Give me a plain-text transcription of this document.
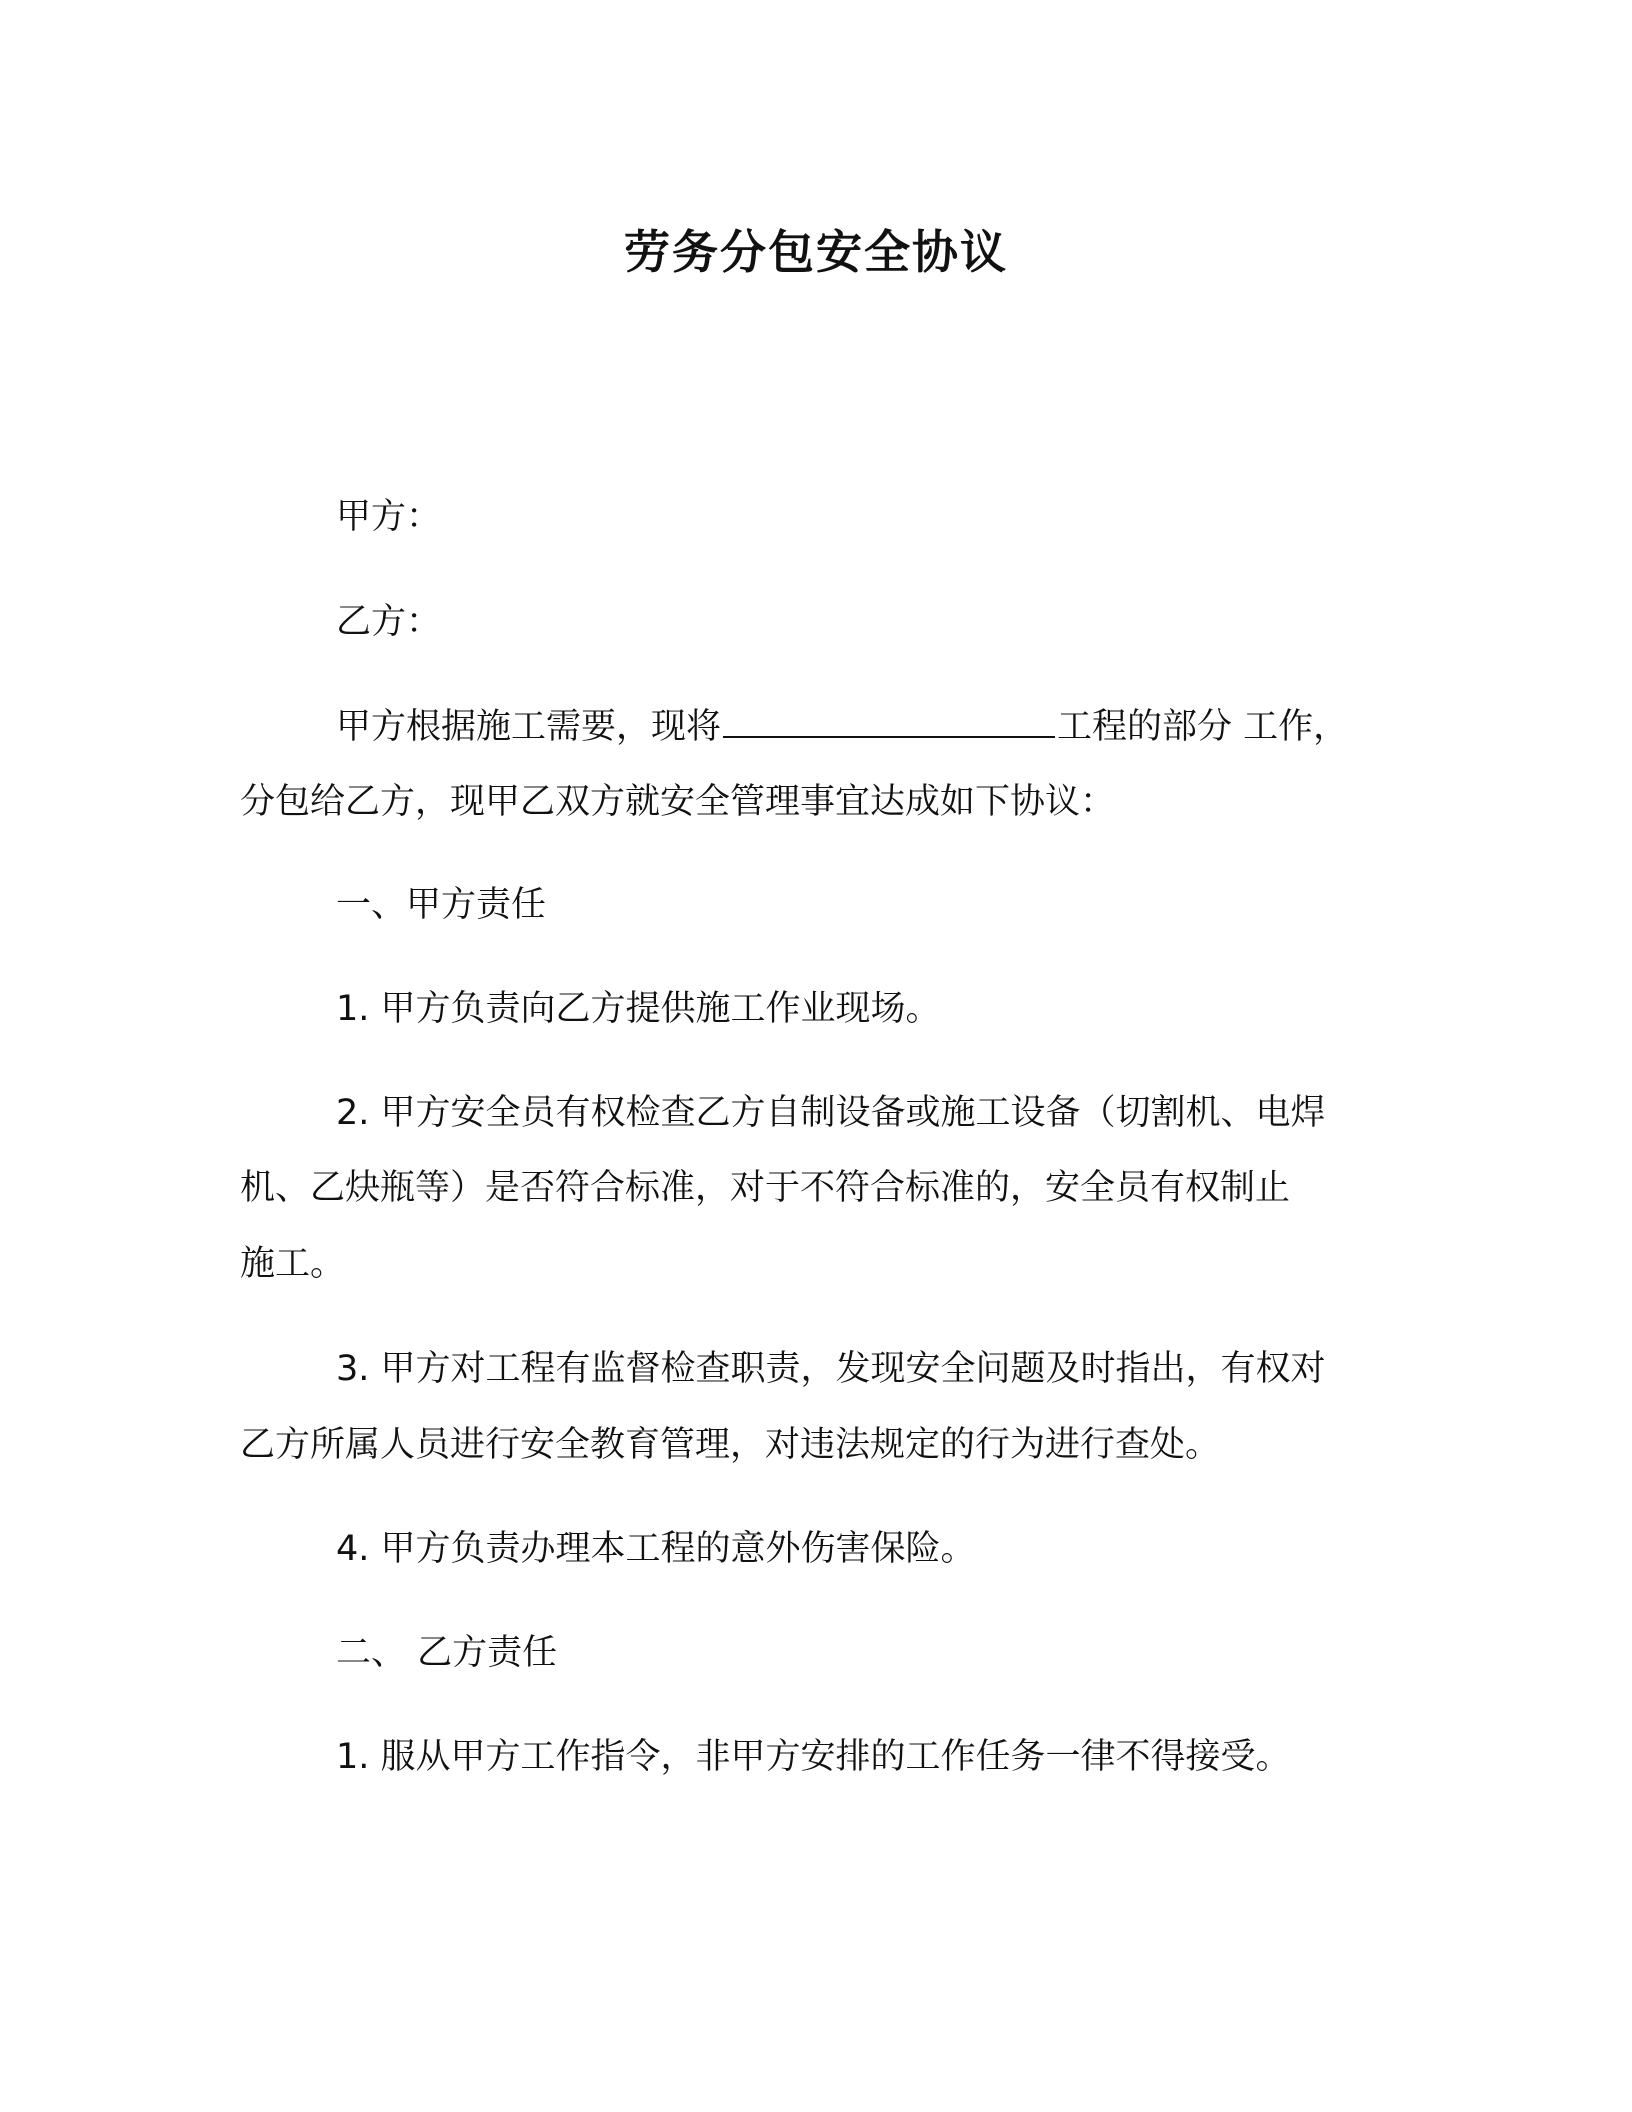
劳务分包安全协议
甲方：
乙方：
甲方根据施工需要，现将	工程的部分 工作，
分包给乙方，现甲乙双方就安全管理事宜达成如下协议：
一、甲方责任
1. 甲方负责向乙方提供施工作业现场。
2. 甲方安全员有权检查乙方自制设备或施工设备（切割机、电焊
机、乙炔瓶等）是否符合标准，对于不符合标准的，安全员有权制止
施工。
3. 甲方对工程有监督检查职责，发现安全问题及时指出，有权对
乙方所属人员进行安全教育管理，对违法规定的行为进行查处。
4. 甲方负责办理本工程的意外伤害保险。
二、 乙方责任
1. 服从甲方工作指令，非甲方安排的工作任务一律不得接受。
